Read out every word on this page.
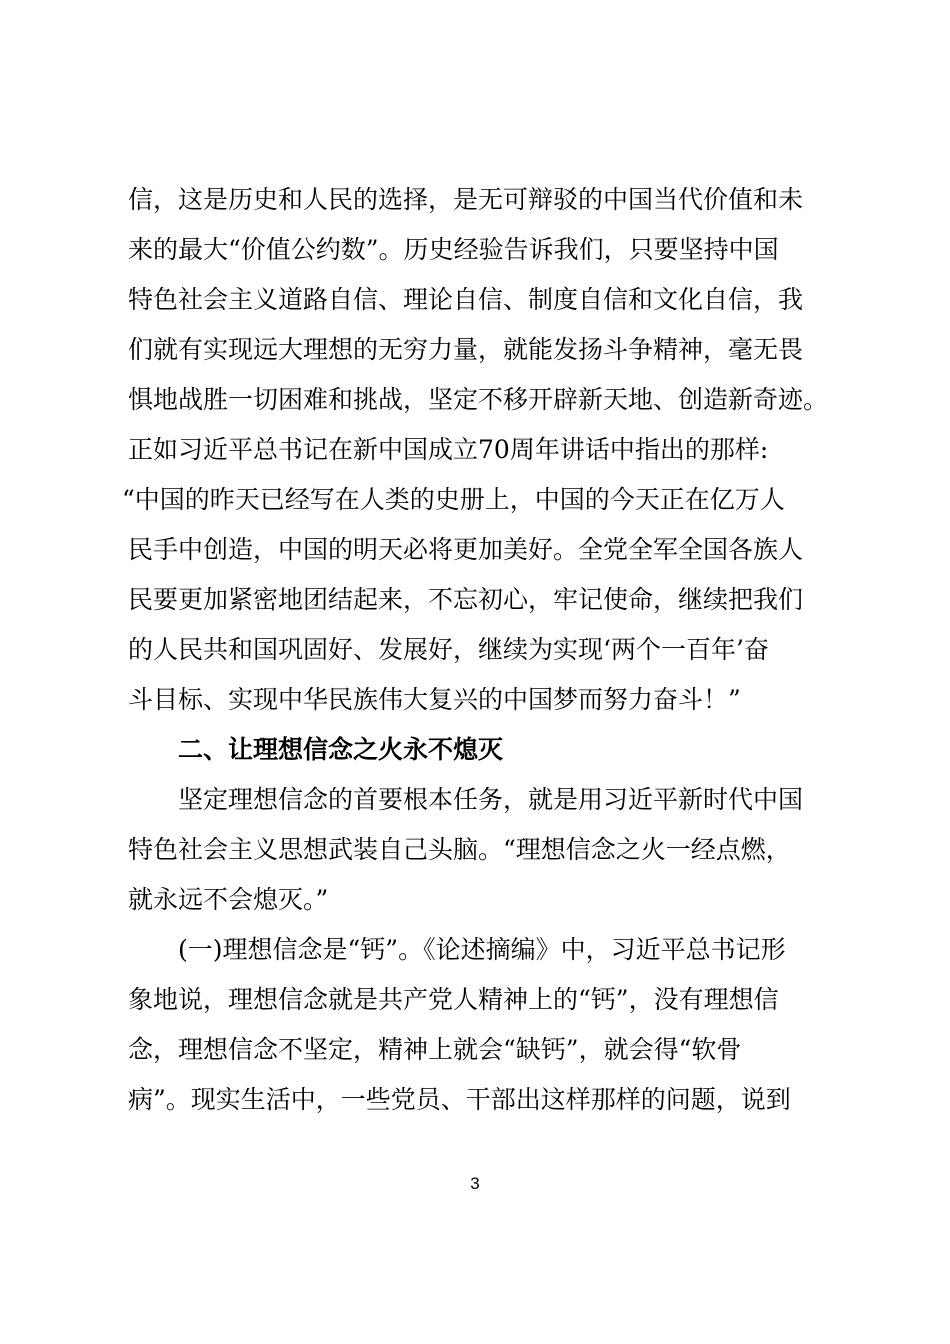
信，这是历史和人民的选择，是无可辩驳的中国当代价值和未
来的最大“价值公约数”。历史经验告诉我们，只要坚持中国
特色社会主义道路自信、理论自信、制度自信和文化自信，我
们就有实现远大理想的无穷力量，就能发扬斗争精神，毫无畏
惧地战胜一切困难和挑战，坚定不移开辟新天地、创造新奇迹。
正如习近平总书记在新中国成立70周年讲话中指出的那样:
“中国的昨天已经写在人类的史册上，中国的今天正在亿万人
民手中创造，中国的明天必将更加美好。全党全军全国各族人
民要更加紧密地团结起来，不忘初心，牢记使命，继续把我们
的人民共和国巩固好、发展好，继续为实现‘两个一百年’奋
斗目标、实现中华民族伟大复兴的中国梦而努力奋斗！”
二、让理想信念之火永不熄灭
坚定理想信念的首要根本任务，就是用习近平新时代中国
特色社会主义思想武装自己头脑。“理想信念之火一经点燃，
就永远不会熄灭。”
(一)理想信念是“钙”。《论述摘编》中，习近平总书记形
象地说，理想信念就是共产党人精神上的“钙”，没有理想信
念，理想信念不坚定，精神上就会“缺钙”，就会得“软骨
病”。现实生活中，一些党员、干部出这样那样的问题，说到
3
